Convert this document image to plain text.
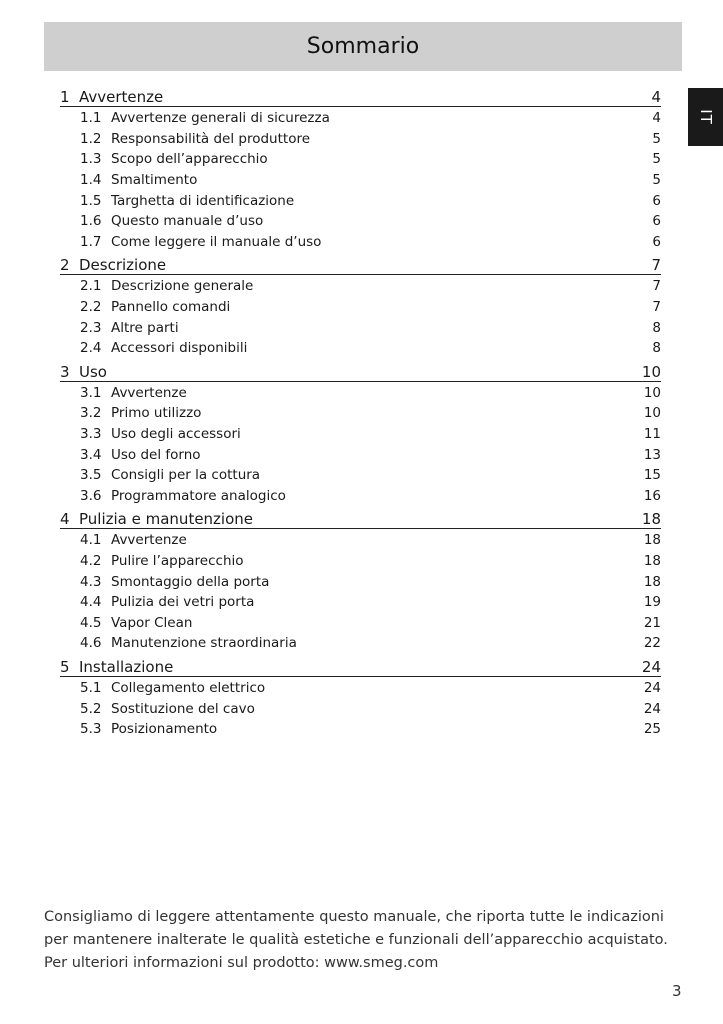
Sommario
IT
1 Avvertenze	4
1.1 Avvertenze generali di sicurezza	4
1.2 Responsabilità del produttore	5
1.3 Scopo dell’apparecchio	5
1.4 Smaltimento	5
1.5 Targhetta di identificazione	6
1.6 Questo manuale d’uso	6
1.7 Come leggere il manuale d’uso	6
2 Descrizione	7
2.1 Descrizione generale	7
2.2 Pannello comandi	7
2.3 Altre parti	8
2.4 Accessori disponibili	8
3 Uso	10
3.1 Avvertenze	10
3.2 Primo utilizzo	10
3.3 Uso degli accessori	11
3.4 Uso del forno	13
3.5 Consigli per la cottura	15
3.6 Programmatore analogico	16
4 Pulizia e manutenzione	18
4.1 Avvertenze	18
4.2 Pulire l’apparecchio	18
4.3 Smontaggio della porta	18
4.4 Pulizia dei vetri porta	19
4.5 Vapor Clean	21
4.6 Manutenzione straordinaria	22
5 Installazione	24
5.1 Collegamento elettrico	24
5.2 Sostituzione del cavo	24
5.3 Posizionamento	25

Consigliamo di leggere attentamente questo manuale, che riporta tutte le indicazioni per mantenere inalterate le qualità estetiche e funzionali dell’apparecchio acquistato.

Per ulteriori informazioni sul prodotto: www.smeg.com

3
